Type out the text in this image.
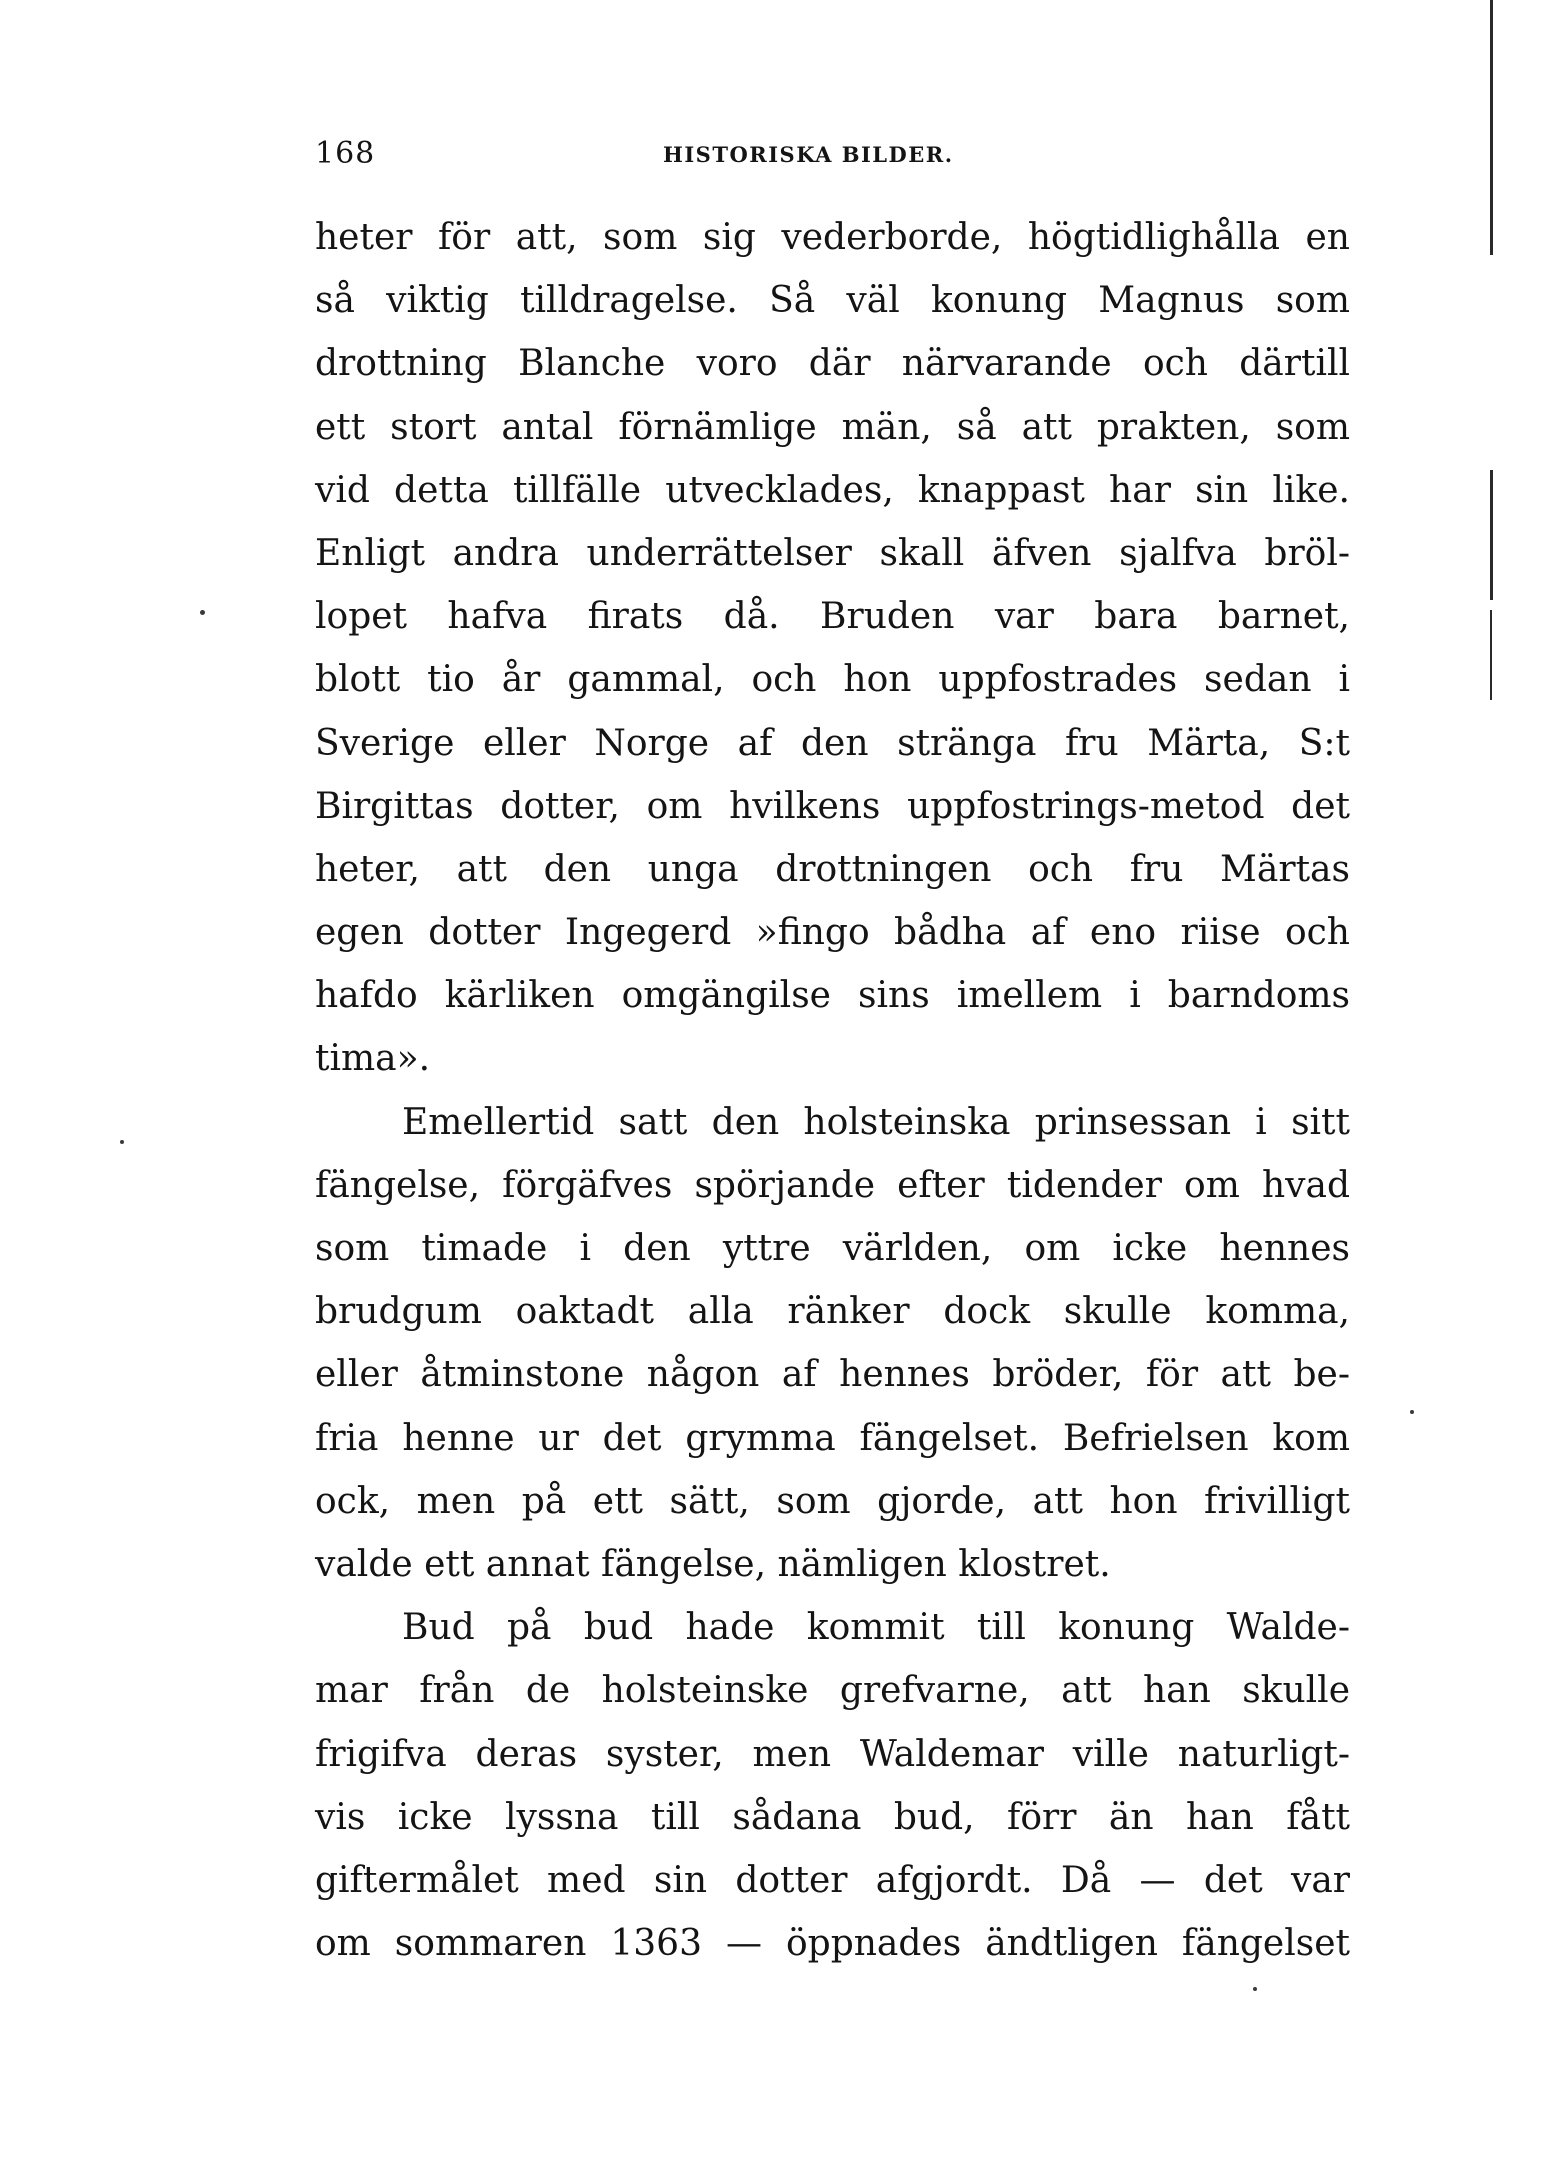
168	HISTORISKA BILDER.
heter för att, som sig vederborde, högtidlighålla en
så viktig tilldragelse. Så väl konung Magnus som
drottning Blanche voro där närvarande och därtill
ett stort antal förnämlige män, så att prakten, som
vid detta tillfälle utvecklades, knappast har sin like.
Enligt andra underrättelser skall äfven sjalfva bröl-
lopet hafva firats då. Bruden var bara barnet,
blott tio år gammal, och hon uppfostrades sedan i
Sverige eller Norge af den stränga fru Märta, S:t
Birgittas dotter, om hvilkens uppfostrings-metod det
heter, att den unga drottningen och fru Märtas
egen dotter Ingegerd »fingo bådha af eno riise och
hafdo kärliken omgängilse sins imellem i barndoms
tima».
Emellertid satt den holsteinska prinsessan i sitt
fängelse, förgäfves spörjande efter tidender om hvad
som timade i den yttre världen, om icke hennes
brudgum oaktadt alla ränker dock skulle komma,
eller åtminstone någon af hennes bröder, för att be-
fria henne ur det grymma fängelset. Befrielsen kom
ock, men på ett sätt, som gjorde, att hon frivilligt
valde ett annat fängelse, nämligen klostret.
Bud på bud hade kommit till konung Walde-
mar från de holsteinske grefvarne, att han skulle
frigifva deras syster, men Waldemar ville naturligt-
vis icke lyssna till sådana bud, förr än han fått
giftermålet med sin dotter afgjordt. Då — det var
om sommaren 1363 — öppnades ändtligen fängelset
